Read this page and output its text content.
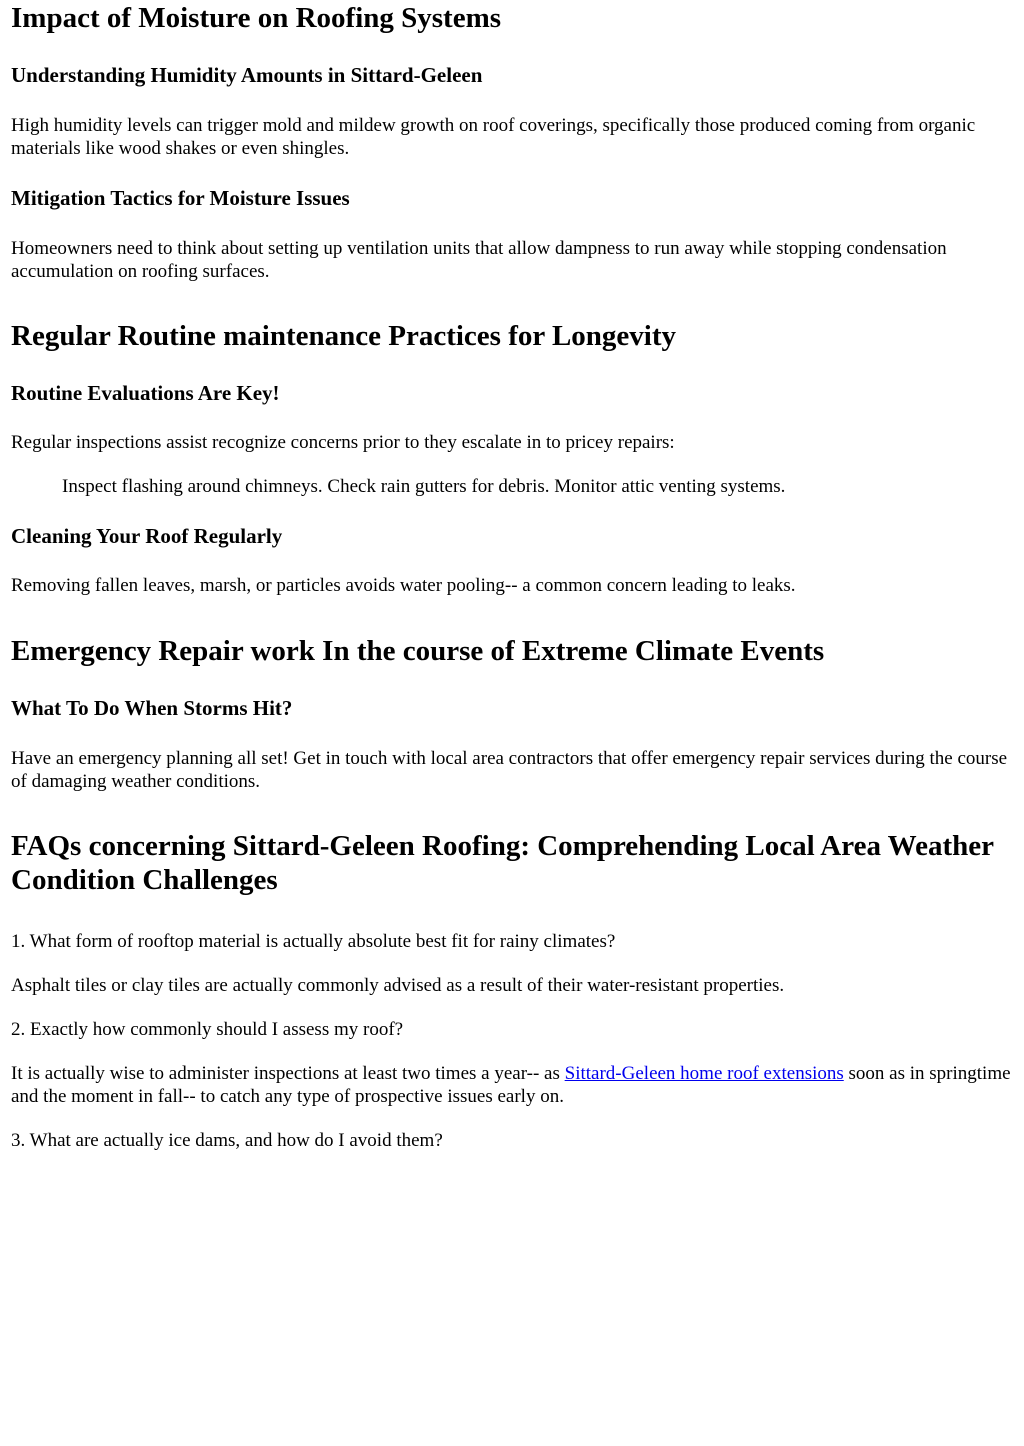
Impact of Moisture on Roofing Systems
Understanding Humidity Amounts in Sittard-Geleen

High humidity levels can trigger mold and mildew growth on roof coverings, specifically those produced coming from organic materials like wood shakes or even shingles.

Mitigation Tactics for Moisture Issues

Homeowners need to think about setting up ventilation units that allow dampness to run away while stopping condensation accumulation on roofing surfaces.

Regular Routine maintenance Practices for Longevity
Routine Evaluations Are Key!

Regular inspections assist recognize concerns prior to they escalate in to pricey repairs:

Inspect flashing around chimneys. Check rain gutters for debris. Monitor attic venting systems.
Cleaning Your Roof Regularly

Removing fallen leaves, marsh, or particles avoids water pooling-- a common concern leading to leaks.

Emergency Repair work In the course of Extreme Climate Events
What To Do When Storms Hit?

Have an emergency planning all set! Get in touch with local area contractors that offer emergency repair services during the course of damaging weather conditions.

FAQs concerning Sittard-Geleen Roofing: Comprehending Local Area Weather Condition Challenges

1. What form of rooftop material is actually absolute best fit for rainy climates?

Asphalt tiles or clay tiles are actually commonly advised as a result of their water-resistant properties.

2. Exactly how commonly should I assess my roof?

It is actually wise to administer inspections at least two times a year-- as Sittard-Geleen home roof extensions soon as in springtime and the moment in fall-- to catch any type of prospective issues early on.

3. What are actually ice dams, and how do I avoid them?
